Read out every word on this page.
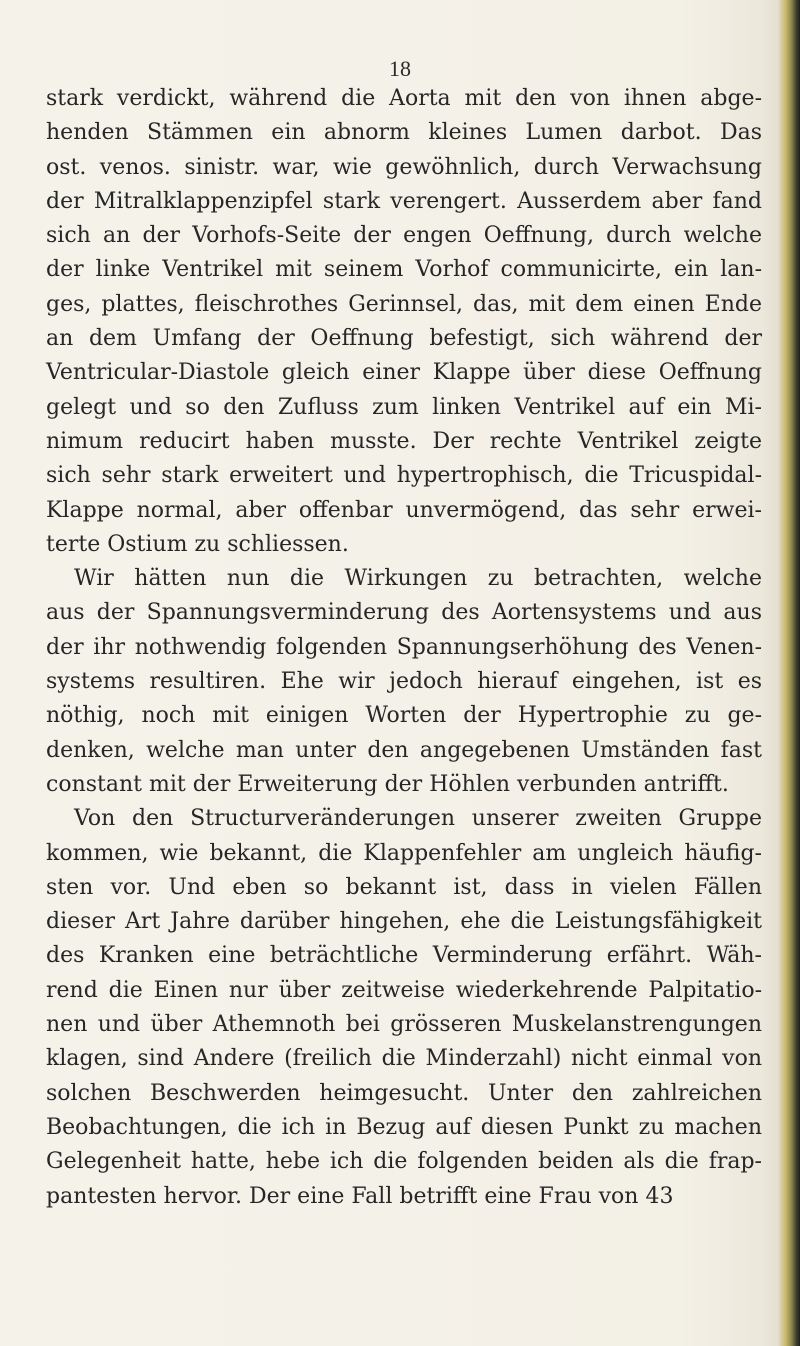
18
stark verdickt, während die Aorta mit den von ihnen abge-
henden Stämmen ein abnorm kleines Lumen darbot. Das
ost. venos. sinistr. war, wie gewöhnlich, durch Verwachsung
der Mitralklappenzipfel stark verengert. Ausserdem aber fand
sich an der Vorhofs-Seite der engen Oeffnung, durch welche
der linke Ventrikel mit seinem Vorhof communicirte, ein lan-
ges, plattes, fleischrothes Gerinnsel, das, mit dem einen Ende
an dem Umfang der Oeffnung befestigt, sich während der
Ventricular-Diastole gleich einer Klappe über diese Oeffnung
gelegt und so den Zufluss zum linken Ventrikel auf ein Mi-
nimum reducirt haben musste. Der rechte Ventrikel zeigte
sich sehr stark erweitert und hypertrophisch, die Tricuspidal-
Klappe normal, aber offenbar unvermögend, das sehr erwei-
terte Ostium zu schliessen.
Wir hätten nun die Wirkungen zu betrachten, welche
aus der Spannungsverminderung des Aortensystems und aus
der ihr nothwendig folgenden Spannungserhöhung des Venen-
systems resultiren. Ehe wir jedoch hierauf eingehen, ist es
nöthig, noch mit einigen Worten der Hypertrophie zu ge-
denken, welche man unter den angegebenen Umständen fast
constant mit der Erweiterung der Höhlen verbunden antrifft.
Von den Structurveränderungen unserer zweiten Gruppe
kommen, wie bekannt, die Klappenfehler am ungleich häufig-
sten vor. Und eben so bekannt ist, dass in vielen Fällen
dieser Art Jahre darüber hingehen, ehe die Leistungsfähigkeit
des Kranken eine beträchtliche Verminderung erfährt. Wäh-
rend die Einen nur über zeitweise wiederkehrende Palpitatio-
nen und über Athemnoth bei grösseren Muskelanstrengungen
klagen, sind Andere (freilich die Minderzahl) nicht einmal von
solchen Beschwerden heimgesucht. Unter den zahlreichen
Beobachtungen, die ich in Bezug auf diesen Punkt zu machen
Gelegenheit hatte, hebe ich die folgenden beiden als die frap-
pantesten hervor. Der eine Fall betrifft eine Frau von 43
